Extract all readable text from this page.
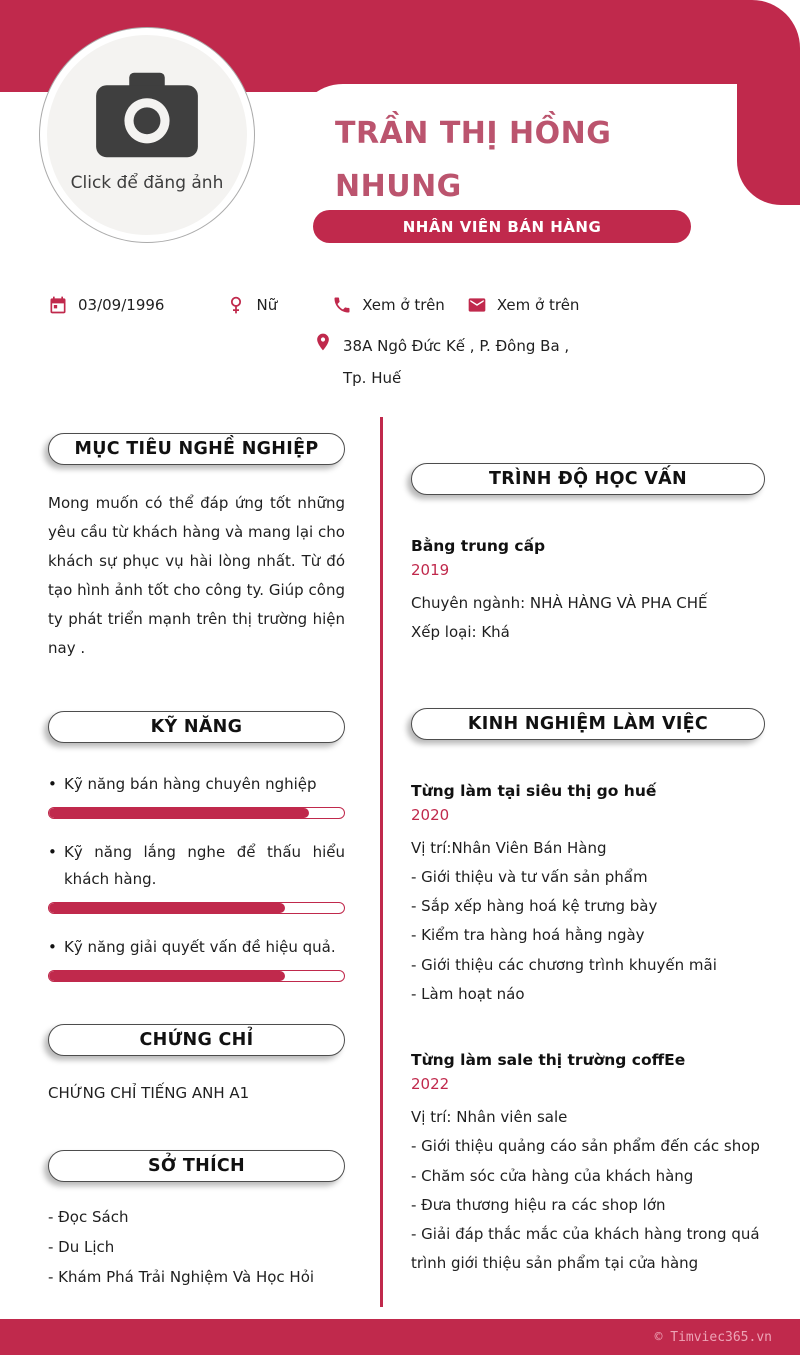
TRẦN THỊ HỒNG NHUNG
NHÂN VIÊN BÁN HÀNG
Click để đăng ảnh
03/09/1996	Nữ	Xem ở trên	Xem ở trên
38A Ngô Đức Kế , P. Đông Ba ,
Tp. Huế
MỤC TIÊU NGHỀ NGHIỆP

Mong muốn có thể đáp ứng tốt những yêu cầu từ khách hàng và mang lại cho khách sự phục vụ hài lòng nhất. Từ đó tạo hình ảnh tốt cho công ty. Giúp công ty phát triển mạnh trên thị trường hiện nay .

KỸ NĂNG
• Kỹ năng bán hàng chuyên nghiệp
• Kỹ năng lắng nghe để thấu hiểu khách hàng.
• Kỹ năng giải quyết vấn đề hiệu quả.
CHỨNG CHỈ
CHỨNG CHỈ TIẾNG ANH A1
SỞ THÍCH
- Đọc Sách
- Du Lịch
- Khám Phá Trải Nghiệm Và Học Hỏi
TRÌNH ĐỘ HỌC VẤN
Bằng trung cấp
2019
Chuyên ngành: NHÀ HÀNG VÀ PHA CHẾ
Xếp loại: Khá
KINH NGHIỆM LÀM VIỆC
Từng làm tại siêu thị go huế
2020
Vị trí:Nhân Viên Bán Hàng
- Giới thiệu và tư vấn sản phẩm
- Sắp xếp hàng hoá kệ trưng bày
- Kiểm tra hàng hoá hằng ngày
- Giới thiệu các chương trình khuyến mãi
- Làm hoạt náo
Từng làm sale thị trường coffEe
2022
Vị trí: Nhân viên sale
- Giới thiệu quảng cáo sản phẩm đến các shop
- Chăm sóc cửa hàng của khách hàng
- Đưa thương hiệu ra các shop lớn
- Giải đáp thắc mắc của khách hàng trong quá trình giới thiệu sản phẩm tại cửa hàng
© Timviec365.vn
